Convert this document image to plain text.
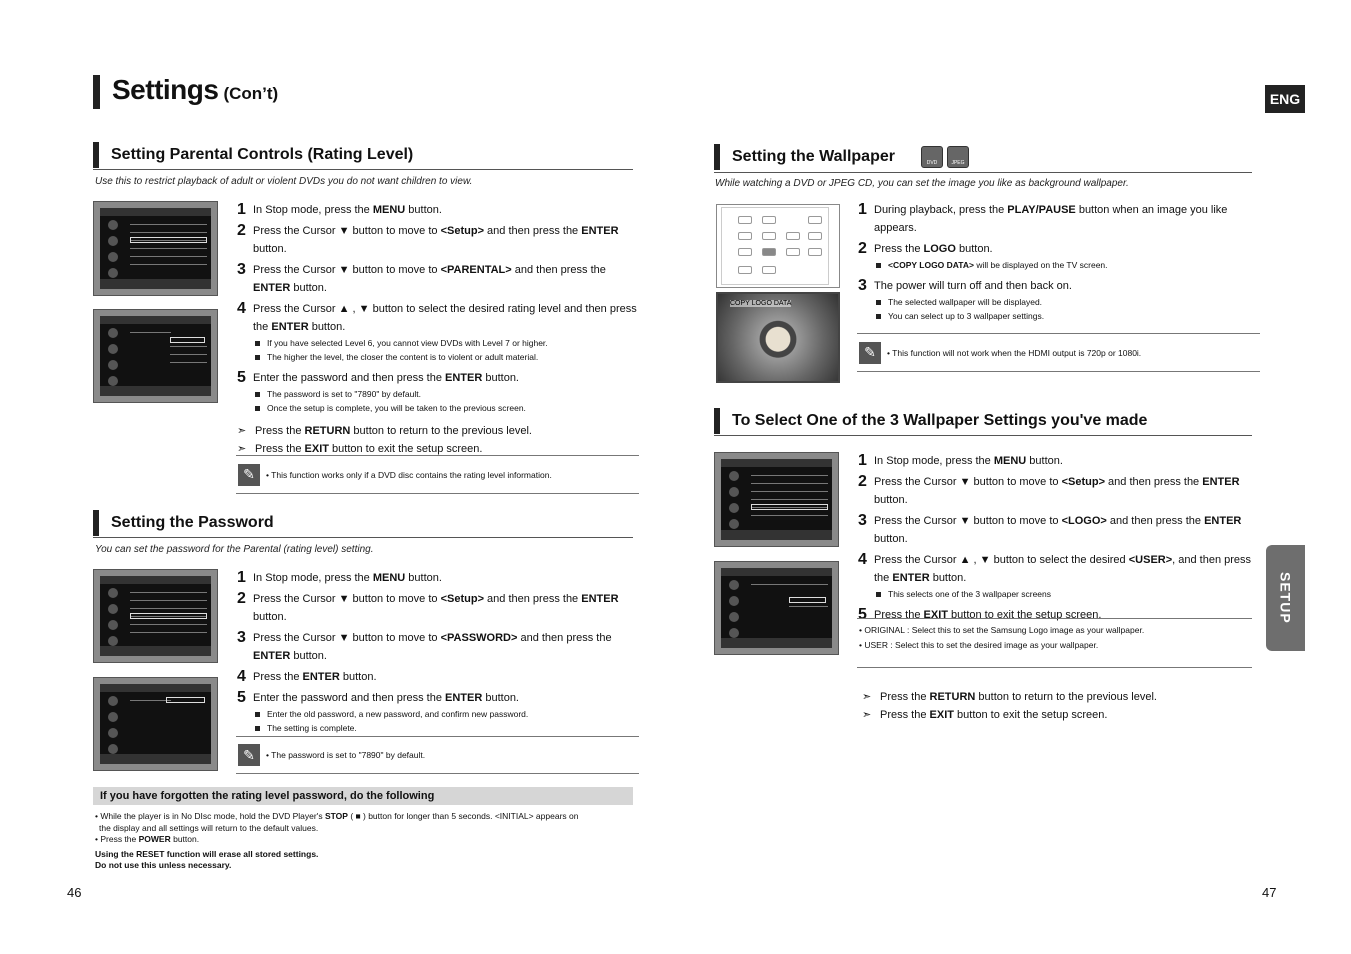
Settings (Con’t)	ENG
SETUP
Setting Parental Controls (Rating Level)
Use this to restrict playback of adult or violent DVDs you do not want children to view.
1 In Stop mode, press the MENU button.
2 Press the Cursor ▼ button to move to <Setup> and then press the ENTER button.
3 Press the Cursor ▼ button to move to <PARENTAL> and then press the ENTER button.
4 Press the Cursor ▲ , ▼ button to select the desired rating level and then press the ENTER button.
If you have selected Level 6, you cannot view DVDs with Level 7 or higher.
The higher the level, the closer the content is to violent or adult material.
5 Enter the password and then press the ENTER button.
The password is set to "7890" by default.
Once the setup is complete, you will be taken to the previous screen.
➣ Press the RETURN button to return to the previous level.
➣ Press the EXIT button to exit the setup screen.
✎	• This function works only if a DVD disc contains the rating level information.
Setting the Password
You can set the password for the Parental (rating level) setting.
1 In Stop mode, press the MENU button.
2 Press the Cursor ▼ button to move to <Setup> and then press the ENTER button.
3 Press the Cursor ▼ button to move to <PASSWORD> and then press the ENTER button.
4 Press the ENTER button.
5 Enter the password and then press the ENTER button.
Enter the old password, a new password, and confirm new password.
The setting is complete.
✎	• The password is set to "7890" by default.
If you have forgotten the rating level password, do the following
• While the player is in No DIsc mode, hold the DVD Player's STOP ( ■ ) button for longer than 5 seconds. <INITIAL> appears on
the display and all settings will return to the default values.
• Press the POWER button.
Using the RESET function will erase all stored settings.
Do not use this unless necessary.
46	47
Setting the Wallpaper	DVD	JPEG
While watching a DVD or JPEG CD, you can set the image you like as background wallpaper.
COPY LOGO DATA
1 During playback, press the PLAY/PAUSE button when an image you like appears.
2 Press the LOGO button.
<COPY LOGO DATA> will be displayed on the TV screen.
3 The power will turn off and then back on.
The selected wallpaper will be displayed.
You can select up to 3 wallpaper settings.
✎	• This function will not work when the HDMI output is 720p or 1080i.
To Select One of the 3 Wallpaper Settings you've made
1 In Stop mode, press the MENU button.
2 Press the Cursor ▼ button to move to <Setup> and then press the ENTER button.
3 Press the Cursor ▼ button to move to <LOGO> and then press the ENTER button.
4 Press the Cursor ▲ , ▼ button to select the desired <USER>, and then press the ENTER button.
This selects one of the 3 wallpaper screens
5 Press the EXIT button to exit the setup screen.
• ORIGINAL : Select this to set the Samsung Logo image as your wallpaper.
• USER : Select this to set the desired image as your wallpaper.
➣ Press the RETURN button to return to the previous level.
➣ Press the EXIT button to exit the setup screen.
